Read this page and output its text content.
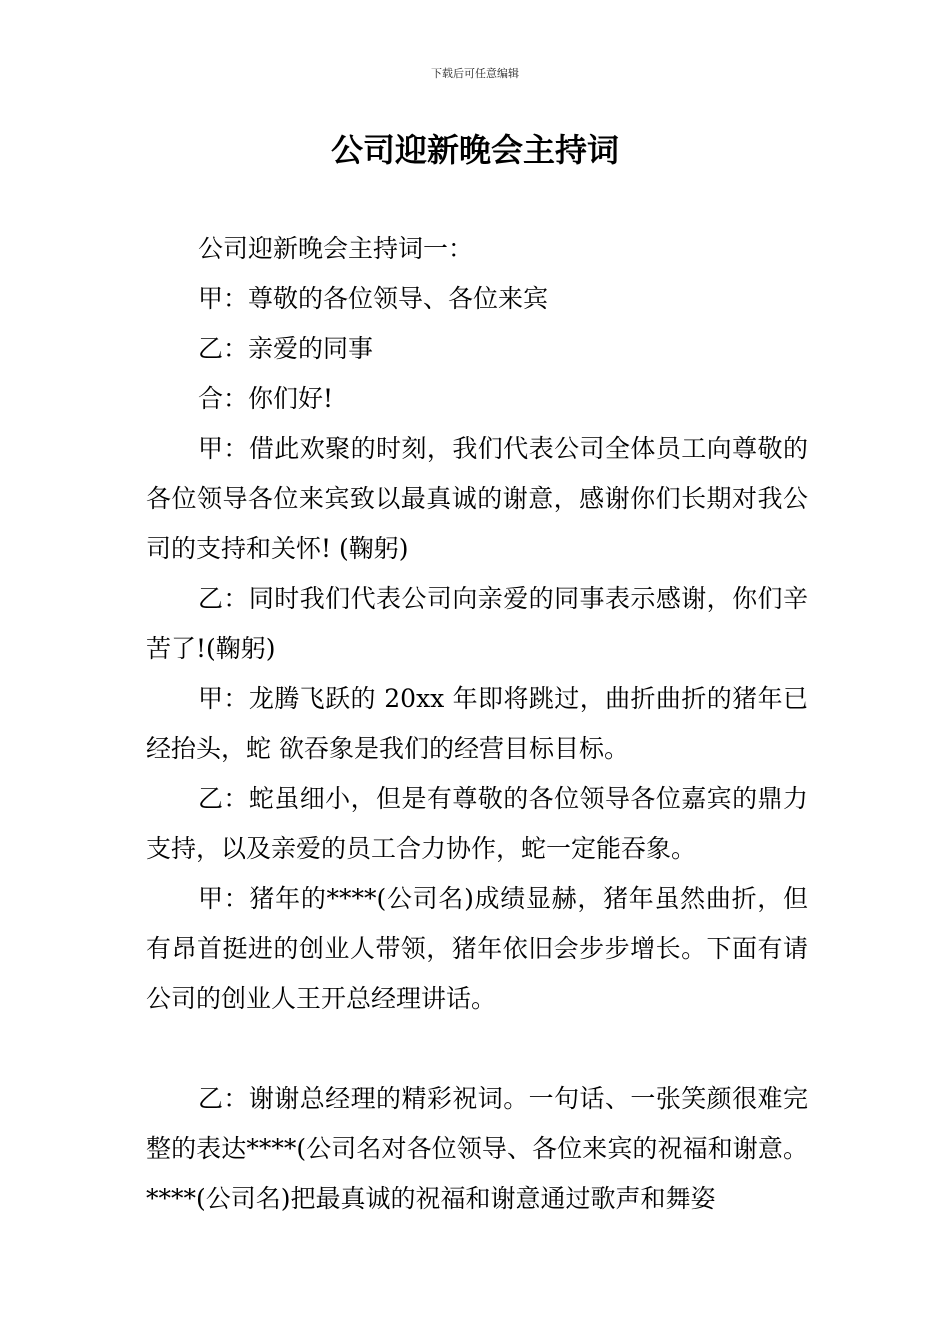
下载后可任意编辑
公司迎新晚会主持词

公司迎新晚会主持词一：

甲：尊敬的各位领导、各位来宾

乙：亲爱的同事

合：你们好!

甲：借此欢聚的时刻，我们代表公司全体员工向尊敬的各位领导各位来宾致以最真诚的谢意，感谢你们长期对我公司的支持和关怀! (鞠躬)

乙：同时我们代表公司向亲爱的同事表示感谢，你们辛苦了!(鞠躬)

甲：龙腾飞跃的 20xx 年即将跳过，曲折曲折的猪年已经抬头，蛇 欲吞象是我们的经营目标目标。

乙：蛇虽细小，但是有尊敬的各位领导各位嘉宾的鼎力支持，以及亲爱的员工合力协作，蛇一定能吞象。

甲：猪年的****(公司名)成绩显赫，猪年虽然曲折，但有昂首挺进的创业人带领，猪年依旧会步步增长。下面有请公司的创业人王开总经理讲话。

乙：谢谢总经理的精彩祝词。一句话、一张笑颜很难完整的表达****(公司名对各位领导、各位来宾的祝福和谢意。****(公司名)把最真诚的祝福和谢意通过歌声和舞姿
